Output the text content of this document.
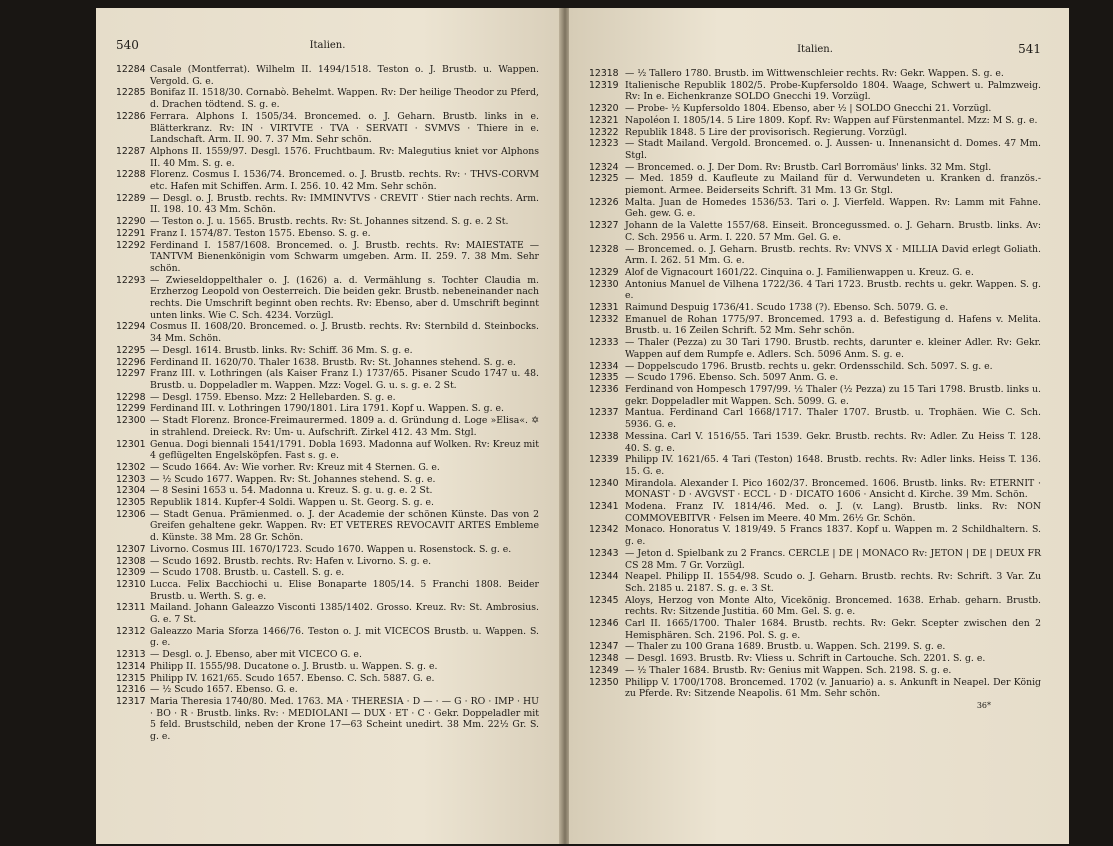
540	Italien.
12284 Casale (Montferrat). Wilhelm II. 1494/1518. Teston o. J. Brustb. u. Wappen. Vergold. G. e.
12285 Bonifaz II. 1518/30. Cornabò. Behelmt. Wappen. Rv: Der heilige Theodor zu Pferd, d. Drachen tödtend. S. g. e.
12286 Ferrara. Alphons I. 1505/34. Broncemed. o. J. Geharn. Brustb. links in e. Blätterkranz. Rv: IN · VIRTVTE · TVA · SERVATI · SVMVS · Thiere in e. Landschaft. Arm. II. 90. 7. 37 Mm. Sehr schön.
12287 Alphons II. 1559/97. Desgl. 1576. Fruchtbaum. Rv: Malegutius kniet vor Alphons II. 40 Mm. S. g. e.
12288 Florenz. Cosmus I. 1536/74. Broncemed. o. J. Brustb. rechts. Rv: · THVS-CORVM etc. Hafen mit Schiffen. Arm. I. 256. 10. 42 Mm. Sehr schön.
12289 — Desgl. o. J. Brustb. rechts. Rv: IMMINVTVS · CREVIT · Stier nach rechts. Arm. II. 198. 10. 43 Mm. Schön.
12290 — Teston o. J. u. 1565. Brustb. rechts. Rv: St. Johannes sitzend. S. g. e. 2 St.
12291 Franz I. 1574/87. Teston 1575. Ebenso. S. g. e.
12292 Ferdinand I. 1587/1608. Broncemed. o. J. Brustb. rechts. Rv: MAIESTATE — TANTVM Bienenkönigin vom Schwarm umgeben. Arm. II. 259. 7. 38 Mm. Sehr schön.
12293 — Zwieseldoppelthaler o. J. (1626) a. d. Vermählung s. Tochter Claudia m. Erzherzog Leopold von Oesterreich. Die beiden gekr. Brustb. nebeneinander nach rechts. Die Umschrift beginnt oben rechts. Rv: Ebenso, aber d. Umschrift beginnt unten links. Wie C. Sch. 4234. Vorzügl.
12294 Cosmus II. 1608/20. Broncemed. o. J. Brustb. rechts. Rv: Sternbild d. Steinbocks. 34 Mm. Schön.
12295 — Desgl. 1614. Brustb. links. Rv: Schiff. 36 Mm. S. g. e.
12296 Ferdinand II. 1620/70. Thaler 1638. Brustb. Rv: St. Johannes stehend. S. g. e.
12297 Franz III. v. Lothringen (als Kaiser Franz I.) 1737/65. Pisaner Scudo 1747 u. 48. Brustb. u. Doppeladler m. Wappen. Mzz: Vogel. G. u. s. g. e. 2 St.
12298 — Desgl. 1759. Ebenso. Mzz: 2 Hellebarden. S. g. e.
12299 Ferdinand III. v. Lothringen 1790/1801. Lira 1791. Kopf u. Wappen. S. g. e.
12300 — Stadt Florenz. Bronce-Freimaurermed. 1809 a. d. Gründung d. Loge »Elisa«. ✡ in strahlend. Dreieck. Rv: Um- u. Aufschrift. Zirkel 412. 43 Mm. Stgl.
12301 Genua. Dogi biennali 1541/1791. Dobla 1693. Madonna auf Wolken. Rv: Kreuz mit 4 geflügelten Engelsköpfen. Fast s. g. e.
12302 — Scudo 1664. Av: Wie vorher. Rv: Kreuz mit 4 Sternen. G. e.
12303 — ½ Scudo 1677. Wappen. Rv: St. Johannes stehend. S. g. e.
12304 — 8 Sesini 1653 u. 54. Madonna u. Kreuz. S. g. u. g. e. 2 St.
12305 Republik 1814. Kupfer-4 Soldi. Wappen u. St. Georg. S. g. e.
12306 — Stadt Genua. Prämienmed. o. J. der Academie der schönen Künste. Das von 2 Greifen gehaltene gekr. Wappen. Rv: ET VETERES REVOCAVIT ARTES Embleme d. Künste. 38 Mm. 28 Gr. Schön.
12307 Livorno. Cosmus III. 1670/1723. Scudo 1670. Wappen u. Rosenstock. S. g. e.
12308 — Scudo 1692. Brustb. rechts. Rv: Hafen v. Livorno. S. g. e.
12309 — Scudo 1708. Brustb. u. Castell. S. g. e.
12310 Lucca. Felix Bacchiochi u. Elise Bonaparte 1805/14. 5 Franchi 1808. Beider Brustb. u. Werth. S. g. e.
12311 Mailand. Johann Galeazzo Visconti 1385/1402. Grosso. Kreuz. Rv: St. Ambrosius. G. e. 7 St.
12312 Galeazzo Maria Sforza 1466/76. Teston o. J. mit VICECOS Brustb. u. Wappen. S. g. e.
12313 — Desgl. o. J. Ebenso, aber mit VICECO G. e.
12314 Philipp II. 1555/98. Ducatone o. J. Brustb. u. Wappen. S. g. e.
12315 Philipp IV. 1621/65. Scudo 1657. Ebenso. C. Sch. 5887. G. e.
12316 — ½ Scudo 1657. Ebenso. G. e.
12317 Maria Theresia 1740/80. Med. 1763. MA · THERESIA · D — · — G · RO · IMP · HU · BO · R · Brustb. links. Rv: · MEDIOLANI — DUX · ET · C · Gekr. Doppeladler mit 5 feld. Brustschild, neben der Krone 17—63 Scheint unedirt. 38 Mm. 22½ Gr. S. g. e.
Italien.	541
12318 — ½ Tallero 1780. Brustb. im Wittwenschleier rechts. Rv: Gekr. Wappen. S. g. e.
12319 Italienische Republik 1802/5. Probe-Kupfersoldo 1804. Waage, Schwert u. Palmzweig. Rv: In e. Eichenkranze SOLDO Gnecchi 19. Vorzügl.
12320 — Probe- ½ Kupfersoldo 1804. Ebenso, aber ½ | SOLDO Gnecchi 21. Vorzügl.
12321 Napoléon I. 1805/14. 5 Lire 1809. Kopf. Rv: Wappen auf Fürstenmantel. Mzz: M S. g. e.
12322 Republik 1848. 5 Lire der provisorisch. Regierung. Vorzügl.
12323 — Stadt Mailand. Vergold. Broncemed. o. J. Aussen- u. Innenansicht d. Domes. 47 Mm. Stgl.
12324 — Broncemed. o. J. Der Dom. Rv: Brustb. Carl Borromäus' links. 32 Mm. Stgl.
12325 — Med. 1859 d. Kaufleute zu Mailand für d. Verwundeten u. Kranken d. französ.-piemont. Armee. Beiderseits Schrift. 31 Mm. 13 Gr. Stgl.
12326 Malta. Juan de Homedes 1536/53. Tari o. J. Vierfeld. Wappen. Rv: Lamm mit Fahne. Geh. gew. G. e.
12327 Johann de la Valette 1557/68. Einseit. Broncegussmed. o. J. Geharn. Brustb. links. Av: C. Sch. 2956 u. Arm. I. 220. 57 Mm. Gel. G. e.
12328 — Broncemed. o. J. Geharn. Brustb. rechts. Rv: VNVS X · MILLIA David erlegt Goliath. Arm. I. 262. 51 Mm. G. e.
12329 Alof de Vignacourt 1601/22. Cinquina o. J. Familienwappen u. Kreuz. G. e.
12330 Antonius Manuel de Vilhena 1722/36. 4 Tari 1723. Brustb. rechts u. gekr. Wappen. S. g. e.
12331 Raimund Despuig 1736/41. Scudo 1738 (?). Ebenso. Sch. 5079. G. e.
12332 Emanuel de Rohan 1775/97. Broncemed. 1793 a. d. Befestigung d. Hafens v. Melita. Brustb. u. 16 Zeilen Schrift. 52 Mm. Sehr schön.
12333 — Thaler (Pezza) zu 30 Tari 1790. Brustb. rechts, darunter e. kleiner Adler. Rv: Gekr. Wappen auf dem Rumpfe e. Adlers. Sch. 5096 Anm. S. g. e.
12334 — Doppelscudo 1796. Brustb. rechts u. gekr. Ordensschild. Sch. 5097. S. g. e.
12335 — Scudo 1796. Ebenso. Sch. 5097 Anm. G. e.
12336 Ferdinand von Hompesch 1797/99. ½ Thaler (½ Pezza) zu 15 Tari 1798. Brustb. links u. gekr. Doppeladler mit Wappen. Sch. 5099. G. e.
12337 Mantua. Ferdinand Carl 1668/1717. Thaler 1707. Brustb. u. Trophäen. Wie C. Sch. 5936. G. e.
12338 Messina. Carl V. 1516/55. Tari 1539. Gekr. Brustb. rechts. Rv: Adler. Zu Heiss T. 128. 40. S. g. e.
12339 Philipp IV. 1621/65. 4 Tari (Teston) 1648. Brustb. rechts. Rv: Adler links. Heiss T. 136. 15. G. e.
12340 Mirandola. Alexander I. Pico 1602/37. Broncemed. 1606. Brustb. links. Rv: ETERNIT · MONAST · D · AVGVST · ECCL · D · DICATO 1606 · Ansicht d. Kirche. 39 Mm. Schön.
12341 Modena. Franz IV. 1814/46. Med. o. J. (v. Lang). Brustb. links. Rv: NON COMMOVEBITVR · Felsen im Meere. 40 Mm. 26½ Gr. Schön.
12342 Monaco. Honoratus V. 1819/49. 5 Francs 1837. Kopf u. Wappen m. 2 Schildhaltern. S. g. e.
12343 — Jeton d. Spielbank zu 2 Francs. CERCLE | DE | MONACO Rv: JETON | DE | DEUX FR CS 28 Mm. 7 Gr. Vorzügl.
12344 Neapel. Philipp II. 1554/98. Scudo o. J. Geharn. Brustb. rechts. Rv: Schrift. 3 Var. Zu Sch. 2185 u. 2187. S. g. e. 3 St.
12345 Aloys, Herzog von Monte Alto, Vicekönig. Broncemed. 1638. Erhab. geharn. Brustb. rechts. Rv: Sitzende Justitia. 60 Mm. Gel. S. g. e.
12346 Carl II. 1665/1700. Thaler 1684. Brustb. rechts. Rv: Gekr. Scepter zwischen den 2 Hemisphären. Sch. 2196. Pol. S. g. e.
12347 — Thaler zu 100 Grana 1689. Brustb. u. Wappen. Sch. 2199. S. g. e.
12348 — Desgl. 1693. Brustb. Rv: Vliess u. Schrift in Cartouche. Sch. 2201. S. g. e.
12349 — ½ Thaler 1684. Brustb. Rv: Genius mit Wappen. Sch. 2198. S. g. e.
12350 Philipp V. 1700/1708. Broncemed. 1702 (v. Januario) a. s. Ankunft in Neapel. Der König zu Pferde. Rv: Sitzende Neapolis. 61 Mm. Sehr schön.
36*
